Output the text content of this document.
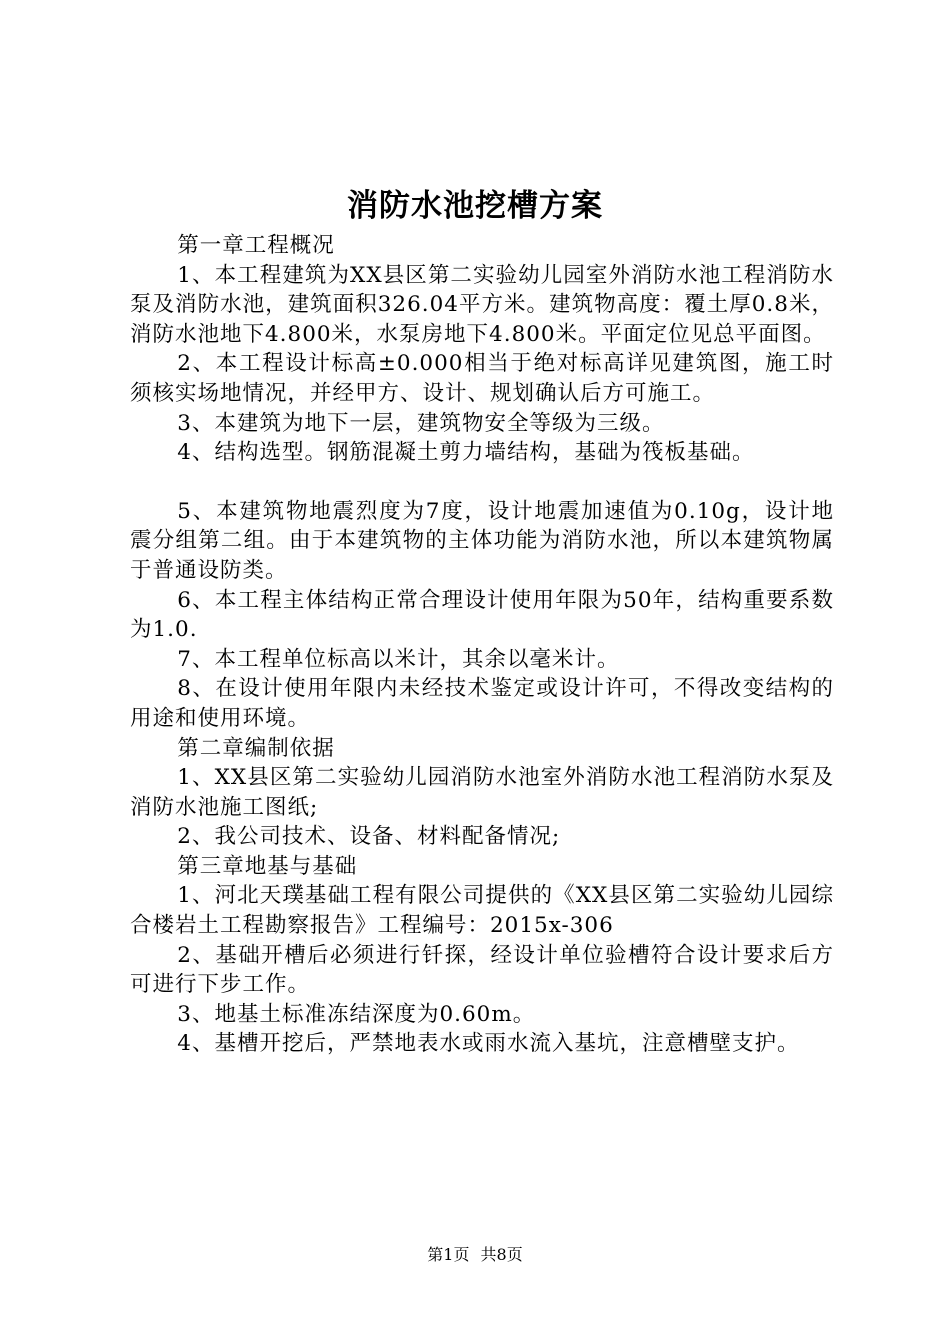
消防水池挖槽方案

第一章工程概况

1、本工程建筑为XX县区第二实验幼儿园室外消防水池工程消防水泵及消防水池，建筑面积326.04平方米。建筑物高度：覆土厚0.8米，消防水池地下4.800米，水泵房地下4.800米。平面定位见总平面图。

2、本工程设计标高±0.000相当于绝对标高详见建筑图，施工时须核实场地情况，并经甲方、设计、规划确认后方可施工。

3、本建筑为地下一层，建筑物安全等级为三级。

4、结构选型。钢筋混凝土剪力墙结构，基础为筏板基础。

5、本建筑物地震烈度为7度，设计地震加速值为0.10g，设计地震分组第二组。由于本建筑物的主体功能为消防水池，所以本建筑物属于普通设防类。

6、本工程主体结构正常合理设计使用年限为50年，结构重要系数为1.0.

7、本工程单位标高以米计，其余以毫米计。

8、在设计使用年限内未经技术鉴定或设计许可，不得改变结构的用途和使用环境。

第二章编制依据

1、XX县区第二实验幼儿园消防水池室外消防水池工程消防水泵及消防水池施工图纸;

2、我公司技术、设备、材料配备情况;

第三章地基与基础

1、河北天璞基础工程有限公司提供的《XX县区第二实验幼儿园综合楼岩土工程勘察报告》工程编号：2015x-306

2、基础开槽后必须进行钎探，经设计单位验槽符合设计要求后方可进行下步工作。

3、地基土标准冻结深度为0.60m。

4、基槽开挖后，严禁地表水或雨水流入基坑，注意槽壁支护。

第1页 共8页
